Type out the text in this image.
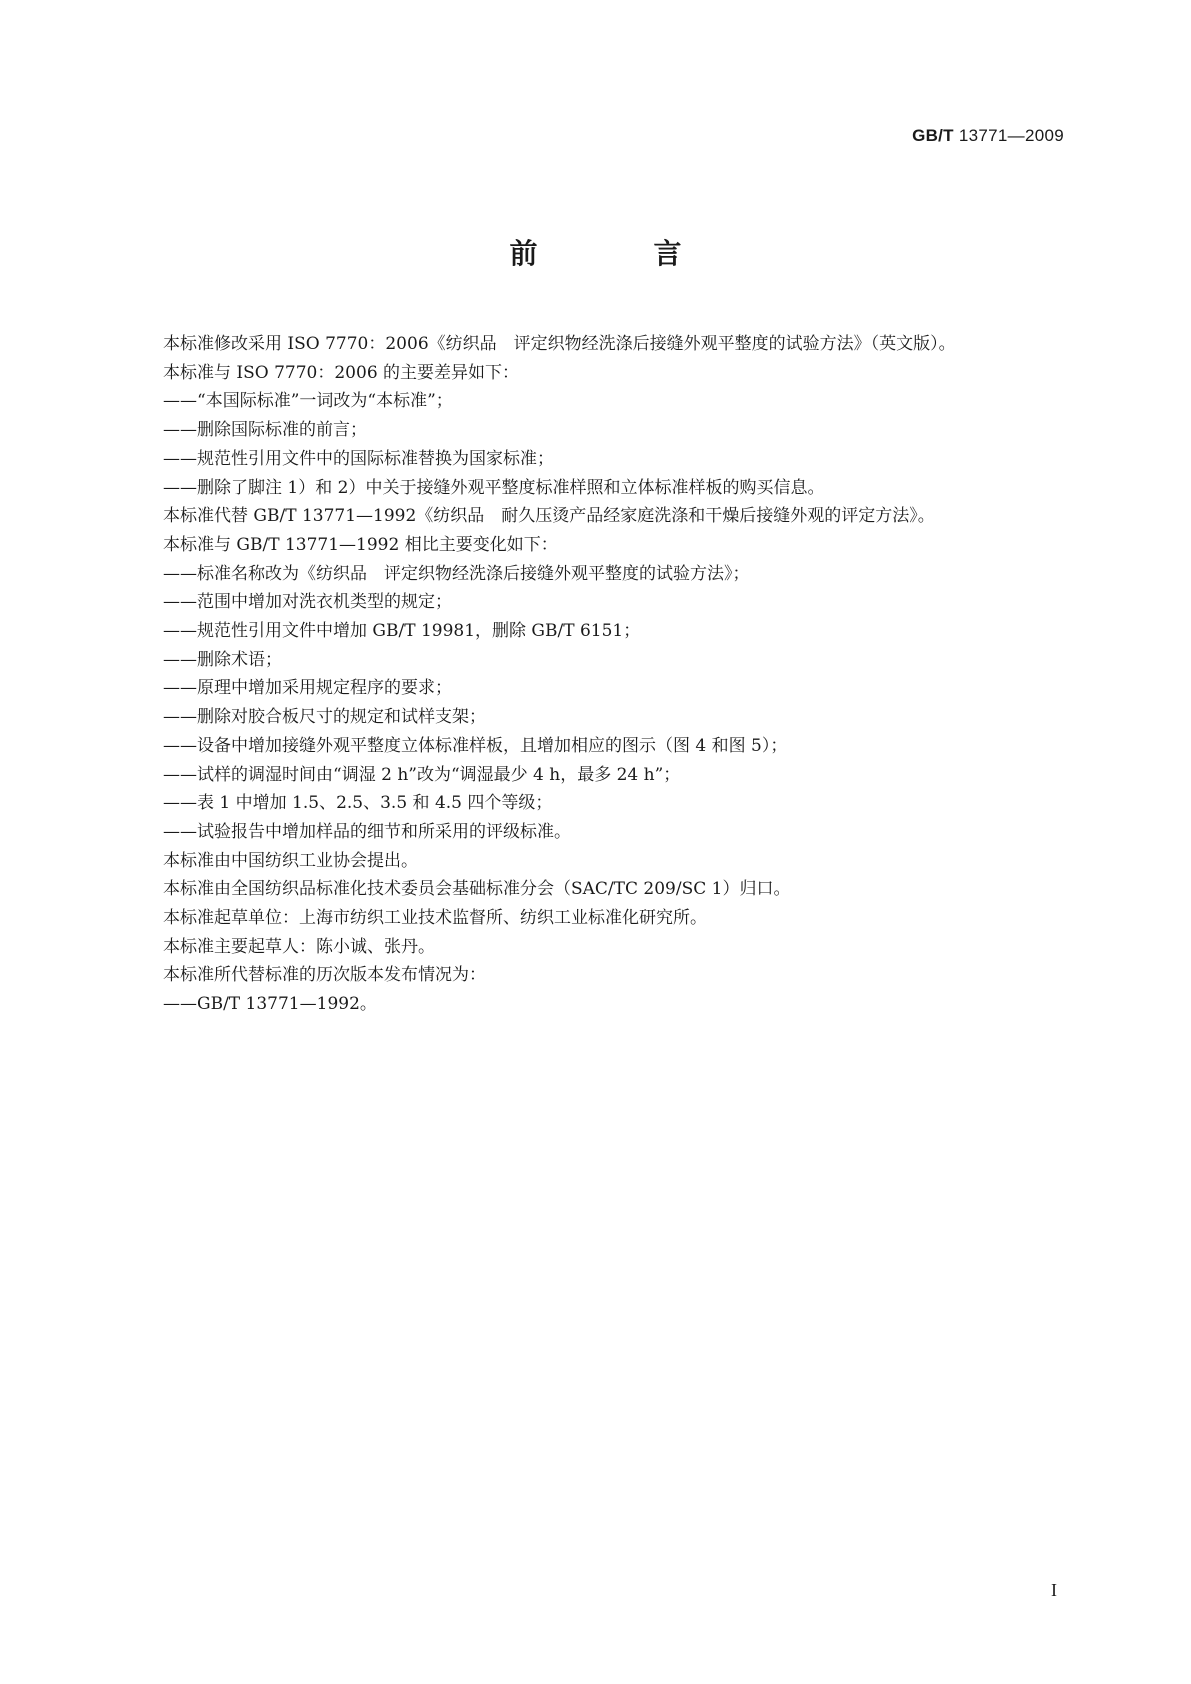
GB/T 13771—2009
前　言

本标准修改采用 ISO 7770：2006《纺织品　评定织物经洗涤后接缝外观平整度的试验方法》（英文版）。

本标准与 ISO 7770：2006 的主要差异如下：

——“本国际标准”一词改为“本标准”；

——删除国际标准的前言；

——规范性引用文件中的国际标准替换为国家标准；

——删除了脚注 1）和 2）中关于接缝外观平整度标准样照和立体标准样板的购买信息。

本标准代替 GB/T 13771—1992《纺织品　耐久压烫产品经家庭洗涤和干燥后接缝外观的评定方法》。

本标准与 GB/T 13771—1992 相比主要变化如下：

——标准名称改为《纺织品　评定织物经洗涤后接缝外观平整度的试验方法》；

——范围中增加对洗衣机类型的规定；

——规范性引用文件中增加 GB/T 19981，删除 GB/T 6151；

——删除术语；

——原理中增加采用规定程序的要求；

——删除对胶合板尺寸的规定和试样支架；

——设备中增加接缝外观平整度立体标准样板，且增加相应的图示（图 4 和图 5）；

——试样的调湿时间由“调湿 2 h”改为“调湿最少 4 h，最多 24 h”；

——表 1 中增加 1.5、2.5、3.5 和 4.5 四个等级；

——试验报告中增加样品的细节和所采用的评级标准。

本标准由中国纺织工业协会提出。

本标准由全国纺织品标准化技术委员会基础标准分会（SAC/TC 209/SC 1）归口。

本标准起草单位：上海市纺织工业技术监督所、纺织工业标准化研究所。

本标准主要起草人：陈小诚、张丹。

本标准所代替标准的历次版本发布情况为：

——GB/T 13771—1992。

I
